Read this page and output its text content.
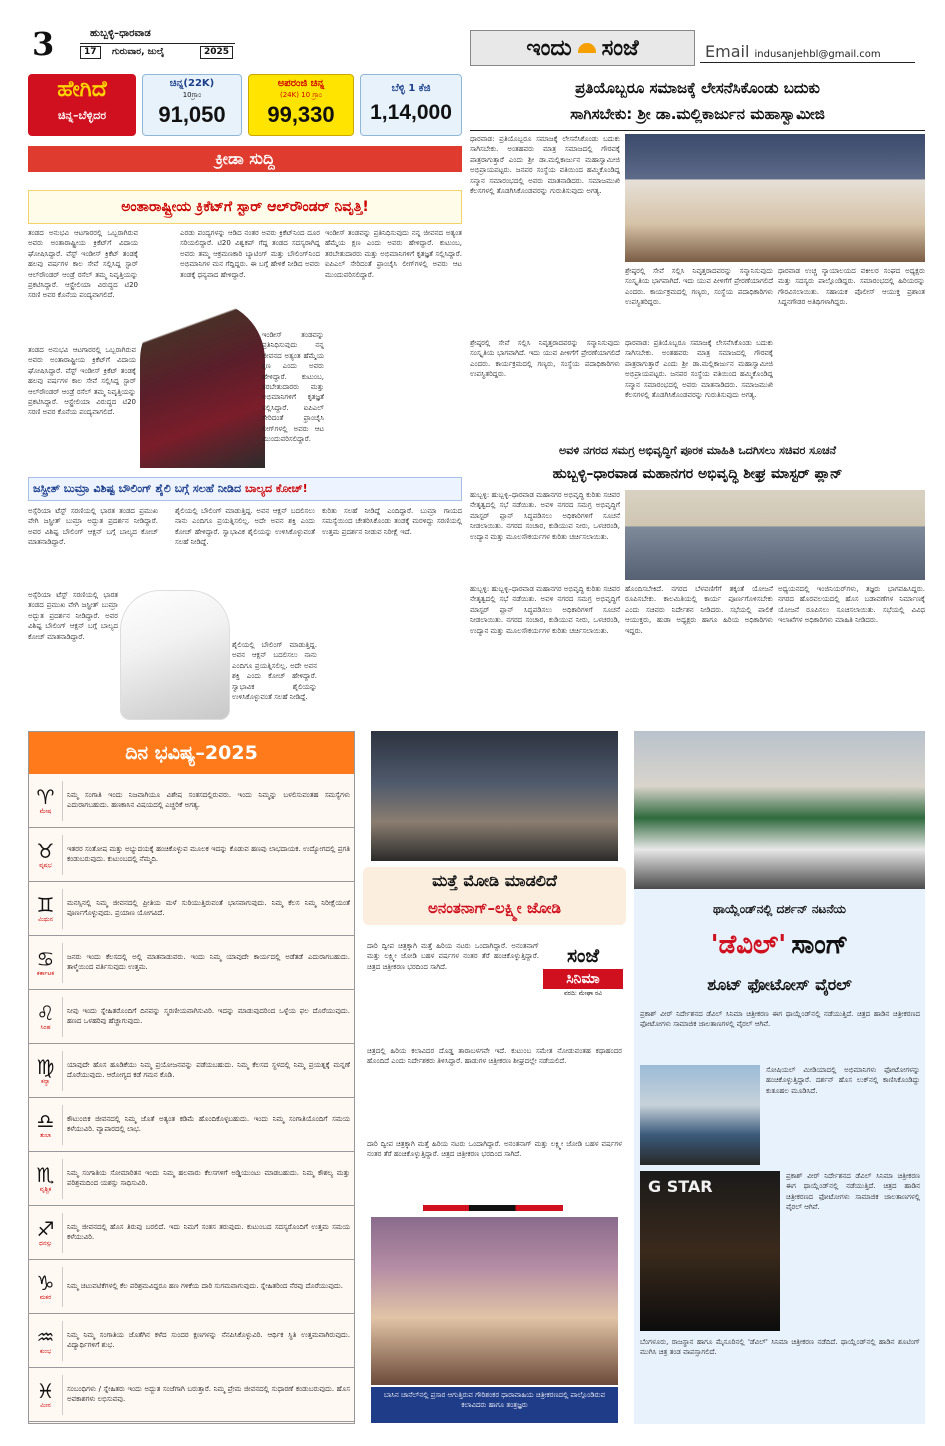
3	ಹುಬ್ಬಳ್ಳಿ–ಧಾರವಾಡ
17	ಗುರುವಾರ, ಜುಲೈ	2025	ಇಂದು ಸಂಜೆ	Email indusanjehbl@gmail.com
ಹೇಗಿದೆ
ಚಿನ್ನ–ಬೆಳ್ಳಿದರ
ಚಿನ್ನ(22K)
10ಗ್ರಾಂ
91,050
ಅಪರಂಜಿ ಚಿನ್ನ
(24K) 10 ಗ್ರಾಂ
99,330
ಬೆಳ್ಳಿ 1 ಕೆಜಿ
1,14,000
ಕ್ರೀಡಾ ಸುದ್ದಿ
ಅಂತಾರಾಷ್ಟ್ರೀಯ ಕ್ರಿಕೆಟ್‌ಗೆ ಸ್ಟಾರ್ ಆಲ್‌ರೌಂಡರ್ ನಿವೃತ್ತಿ!
ತಂಡದ ಅನುಭವಿ ಆಟಗಾರರಲ್ಲಿ ಒಬ್ಬರಾಗಿರುವ ಅವರು ಅಂತಾರಾಷ್ಟ್ರೀಯ ಕ್ರಿಕೆಟ್‌ಗೆ ವಿದಾಯ ಘೋಷಿಸಿದ್ದಾರೆ. ವೆಸ್ಟ್ ಇಂಡೀಸ್ ಕ್ರಿಕೆಟ್ ತಂಡಕ್ಕೆ ಹಲವು ವರ್ಷಗಳ ಕಾಲ ಸೇವೆ ಸಲ್ಲಿಸಿದ್ದ ಸ್ಟಾರ್ ಆಲ್‌ರೌಂಡರ್ ಆಂಡ್ರೆ ರಸೆಲ್ ತಮ್ಮ ನಿವೃತ್ತಿಯನ್ನು ಪ್ರಕಟಿಸಿದ್ದಾರೆ. ಆಸ್ಟ್ರೇಲಿಯಾ ವಿರುದ್ಧದ ಟಿ20 ಸರಣಿ ಅವರ ಕೊನೆಯ ಪಂದ್ಯವಾಗಲಿದೆ.
ಎರಡು ಪಂದ್ಯಗಳನ್ನು ಆಡಿದ ನಂತರ ಅವರು ಕ್ರಿಕೆಟ್‌ನಿಂದ ದೂರ ಸರಿಯಲಿದ್ದಾರೆ. ಟಿ20 ವಿಶ್ವಕಪ್ ಗೆದ್ದ ತಂಡದ ಸದಸ್ಯರಾಗಿದ್ದ ಅವರು ತಮ್ಮ ಆಕ್ರಮಣಕಾರಿ ಬ್ಯಾಟಿಂಗ್ ಮತ್ತು ಬೌಲಿಂಗ್‌ನಿಂದ ಅಭಿಮಾನಿಗಳ ಮನ ಗೆದ್ದಿದ್ದರು. ಈ ಬಗ್ಗೆ ಹೇಳಿಕೆ ನೀಡಿದ ಅವರು ತಂಡಕ್ಕೆ ಧನ್ಯವಾದ ಹೇಳಿದ್ದಾರೆ.
ಇಂಡೀಸ್ ತಂಡವನ್ನು ಪ್ರತಿನಿಧಿಸುವುದು ನನ್ನ ಜೀವನದ ಅತ್ಯಂತ ಹೆಮ್ಮೆಯ ಕ್ಷಣ ಎಂದು ಅವರು ಹೇಳಿದ್ದಾರೆ. ಕುಟುಂಬ, ತರಬೇತುದಾರರು ಮತ್ತು ಅಭಿಮಾನಿಗಳಿಗೆ ಕೃತಜ್ಞತೆ ಸಲ್ಲಿಸಿದ್ದಾರೆ. ಐಪಿಎಲ್ ಸೇರಿದಂತೆ ಫ್ರಾಂಚೈಸಿ ಲೀಗ್‌ಗಳಲ್ಲಿ ಅವರು ಆಟ ಮುಂದುವರಿಸಲಿದ್ದಾರೆ.
ತಂಡದ ಅನುಭವಿ ಆಟಗಾರರಲ್ಲಿ ಒಬ್ಬರಾಗಿರುವ ಅವರು ಅಂತಾರಾಷ್ಟ್ರೀಯ ಕ್ರಿಕೆಟ್‌ಗೆ ವಿದಾಯ ಘೋಷಿಸಿದ್ದಾರೆ. ವೆಸ್ಟ್ ಇಂಡೀಸ್ ಕ್ರಿಕೆಟ್ ತಂಡಕ್ಕೆ ಹಲವು ವರ್ಷಗಳ ಕಾಲ ಸೇವೆ ಸಲ್ಲಿಸಿದ್ದ ಸ್ಟಾರ್ ಆಲ್‌ರೌಂಡರ್ ಆಂಡ್ರೆ ರಸೆಲ್ ತಮ್ಮ ನಿವೃತ್ತಿಯನ್ನು ಪ್ರಕಟಿಸಿದ್ದಾರೆ. ಆಸ್ಟ್ರೇಲಿಯಾ ವಿರುದ್ಧದ ಟಿ20 ಸರಣಿ ಅವರ ಕೊನೆಯ ಪಂದ್ಯವಾಗಲಿದೆ.
ಇಂಡೀಸ್ ತಂಡವನ್ನು ಪ್ರತಿನಿಧಿಸುವುದು ನನ್ನ ಜೀವನದ ಅತ್ಯಂತ ಹೆಮ್ಮೆಯ ಕ್ಷಣ ಎಂದು ಅವರು ಹೇಳಿದ್ದಾರೆ. ಕುಟುಂಬ, ತರಬೇತುದಾರರು ಮತ್ತು ಅಭಿಮಾನಿಗಳಿಗೆ ಕೃತಜ್ಞತೆ ಸಲ್ಲಿಸಿದ್ದಾರೆ. ಐಪಿಎಲ್ ಸೇರಿದಂತೆ ಫ್ರಾಂಚೈಸಿ ಲೀಗ್‌ಗಳಲ್ಲಿ ಅವರು ಆಟ ಮುಂದುವರಿಸಲಿದ್ದಾರೆ.
ಜಸ್ಪ್ರೀತ್ ಬುಮ್ರಾ ವಿಶಿಷ್ಟ ಬೌಲಿಂಗ್ ಶೈಲಿ ಬಗ್ಗೆ ಸಲಹೆ ನೀಡಿದ ಬಾಲ್ಯದ ಕೋಚ್!
ಅಸ್ಸೆರಿಯಾ ಟೆಸ್ಟ್ ಸರಣಿಯಲ್ಲಿ ಭಾರತ ತಂಡದ ಪ್ರಮುಖ ವೇಗಿ ಜಸ್ಪ್ರೀತ್ ಬುಮ್ರಾ ಅದ್ಭುತ ಪ್ರದರ್ಶನ ನೀಡಿದ್ದಾರೆ. ಅವರ ವಿಶಿಷ್ಟ ಬೌಲಿಂಗ್ ಆಕ್ಷನ್ ಬಗ್ಗೆ ಬಾಲ್ಯದ ಕೋಚ್ ಮಾತನಾಡಿದ್ದಾರೆ.
ಶೈಲಿಯಲ್ಲಿ ಬೌಲಿಂಗ್ ಮಾಡುತ್ತಿದ್ದ. ಅವನ ಆಕ್ಷನ್ ಬದಲಿಸಲು ನಾನು ಎಂದಿಗೂ ಪ್ರಯತ್ನಿಸಲಿಲ್ಲ. ಅದೇ ಅವನ ಶಕ್ತಿ ಎಂದು ಕೋಚ್ ಹೇಳಿದ್ದಾರೆ. ಸ್ವಾಭಾವಿಕ ಶೈಲಿಯನ್ನು ಉಳಿಸಿಕೊಳ್ಳುವಂತೆ ಸಲಹೆ ನೀಡಿದ್ದೆ.
ಕುರಿತು ಸಲಹೆ ನೀಡಿದ್ದೆ ಎಂದಿದ್ದಾರೆ. ಬುಮ್ರಾ ಗಾಯದ ಸಮಸ್ಯೆಯಿಂದ ಚೇತರಿಸಿಕೊಂಡು ತಂಡಕ್ಕೆ ಮರಳಿದ್ದು ಸರಣಿಯಲ್ಲಿ ಉತ್ತಮ ಪ್ರದರ್ಶನ ನೀಡುವ ನಿರೀಕ್ಷೆ ಇದೆ.
ಅಸ್ಸೆರಿಯಾ ಟೆಸ್ಟ್ ಸರಣಿಯಲ್ಲಿ ಭಾರತ ತಂಡದ ಪ್ರಮುಖ ವೇಗಿ ಜಸ್ಪ್ರೀತ್ ಬುಮ್ರಾ ಅದ್ಭುತ ಪ್ರದರ್ಶನ ನೀಡಿದ್ದಾರೆ. ಅವರ ವಿಶಿಷ್ಟ ಬೌಲಿಂಗ್ ಆಕ್ಷನ್ ಬಗ್ಗೆ ಬಾಲ್ಯದ ಕೋಚ್ ಮಾತನಾಡಿದ್ದಾರೆ.
ಶೈಲಿಯಲ್ಲಿ ಬೌಲಿಂಗ್ ಮಾಡುತ್ತಿದ್ದ. ಅವನ ಆಕ್ಷನ್ ಬದಲಿಸಲು ನಾನು ಎಂದಿಗೂ ಪ್ರಯತ್ನಿಸಲಿಲ್ಲ. ಅದೇ ಅವನ ಶಕ್ತಿ ಎಂದು ಕೋಚ್ ಹೇಳಿದ್ದಾರೆ. ಸ್ವಾಭಾವಿಕ ಶೈಲಿಯನ್ನು ಉಳಿಸಿಕೊಳ್ಳುವಂತೆ ಸಲಹೆ ನೀಡಿದ್ದೆ.
ಪ್ರತಿಯೊಬ್ಬರೂ ಸಮಾಜಕ್ಕೆ ಲೇಸನೆಸಿಕೊಂಡು ಬದುಕು
ಸಾಗಿಸಬೇಕು: ಶ್ರೀ ಡಾ.ಮಲ್ಲಿಕಾರ್ಜುನ ಮಹಾಸ್ವಾಮೀಜಿ
ಧಾರವಾಡ: ಪ್ರತಿಯೊಬ್ಬರೂ ಸಮಾಜಕ್ಕೆ ಲೇಸನೆಸಿಕೊಂಡು ಬದುಕು ಸಾಗಿಸಬೇಕು. ಅಂತಹವರು ಮಾತ್ರ ಸಮಾಜದಲ್ಲಿ ಗೌರವಕ್ಕೆ ಪಾತ್ರರಾಗುತ್ತಾರೆ ಎಂದು ಶ್ರೀ ಡಾ.ಮಲ್ಲಿಕಾರ್ಜುನ ಮಹಾಸ್ವಾಮೀಜಿ ಅಭಿಪ್ರಾಯಪಟ್ಟರು. ಜನಪರ ಸಂಸ್ಥೆಯ ವತಿಯಿಂದ ಹಮ್ಮಿಕೊಂಡಿದ್ದ ಸನ್ಮಾನ ಸಮಾರಂಭದಲ್ಲಿ ಅವರು ಮಾತನಾಡಿದರು. ಸಮಾಜಮುಖಿ ಕೆಲಸಗಳಲ್ಲಿ ತೊಡಗಿಸಿಕೊಂಡವರನ್ನು ಗುರುತಿಸುವುದು ಅಗತ್ಯ.
ಶ್ರೇಷ್ಠರಲ್ಲಿ ಸೇವೆ ಸಲ್ಲಿಸಿ ನಿವೃತ್ತರಾದವರನ್ನು ಸನ್ಮಾನಿಸುವುದು ಸಂಸ್ಕೃತಿಯ ಭಾಗವಾಗಿದೆ. ಇದು ಯುವ ಪೀಳಿಗೆಗೆ ಪ್ರೇರಣೆಯಾಗಲಿದೆ ಎಂದರು. ಕಾರ್ಯಕ್ರಮದಲ್ಲಿ ಗಣ್ಯರು, ಸಂಸ್ಥೆಯ ಪದಾಧಿಕಾರಿಗಳು ಉಪಸ್ಥಿತರಿದ್ದರು.
ಧಾರವಾಡ ಉಚ್ಚ ನ್ಯಾಯಾಲಯದ ವಕೀಲರ ಸಂಘದ ಅಧ್ಯಕ್ಷರು ಮತ್ತು ಸದಸ್ಯರು ಪಾಲ್ಗೊಂಡಿದ್ದರು. ಸಮಾರಂಭದಲ್ಲಿ ಹಿರಿಯರನ್ನು ಗೌರವಿಸಲಾಯಿತು. ಸಹಾಯಕ ಪೊಲೀಸ್ ಆಯುಕ್ತ ಪ್ರಶಾಂತ ಸಿದ್ದನಗೌಡರ ಅತಿಥಿಗಳಾಗಿದ್ದರು.
ಶ್ರೇಷ್ಠರಲ್ಲಿ ಸೇವೆ ಸಲ್ಲಿಸಿ ನಿವೃತ್ತರಾದವರನ್ನು ಸನ್ಮಾನಿಸುವುದು ಸಂಸ್ಕೃತಿಯ ಭಾಗವಾಗಿದೆ. ಇದು ಯುವ ಪೀಳಿಗೆಗೆ ಪ್ರೇರಣೆಯಾಗಲಿದೆ ಎಂದರು. ಕಾರ್ಯಕ್ರಮದಲ್ಲಿ ಗಣ್ಯರು, ಸಂಸ್ಥೆಯ ಪದಾಧಿಕಾರಿಗಳು ಉಪಸ್ಥಿತರಿದ್ದರು.
ಧಾರವಾಡ: ಪ್ರತಿಯೊಬ್ಬರೂ ಸಮಾಜಕ್ಕೆ ಲೇಸನೆಸಿಕೊಂಡು ಬದುಕು ಸಾಗಿಸಬೇಕು. ಅಂತಹವರು ಮಾತ್ರ ಸಮಾಜದಲ್ಲಿ ಗೌರವಕ್ಕೆ ಪಾತ್ರರಾಗುತ್ತಾರೆ ಎಂದು ಶ್ರೀ ಡಾ.ಮಲ್ಲಿಕಾರ್ಜುನ ಮಹಾಸ್ವಾಮೀಜಿ ಅಭಿಪ್ರಾಯಪಟ್ಟರು. ಜನಪರ ಸಂಸ್ಥೆಯ ವತಿಯಿಂದ ಹಮ್ಮಿಕೊಂಡಿದ್ದ ಸನ್ಮಾನ ಸಮಾರಂಭದಲ್ಲಿ ಅವರು ಮಾತನಾಡಿದರು. ಸಮಾಜಮುಖಿ ಕೆಲಸಗಳಲ್ಲಿ ತೊಡಗಿಸಿಕೊಂಡವರನ್ನು ಗುರುತಿಸುವುದು ಅಗತ್ಯ.
ಅವಳಿ ನಗರದ ಸಮಗ್ರ ಅಭಿವೃದ್ಧಿಗೆ ಪೂರಕ ಮಾಹಿತಿ ಒದಗಿಸಲು ಸಚಿವರ ಸೂಚನೆ
ಹುಬ್ಬಳ್ಳಿ–ಧಾರವಾಡ ಮಹಾನಗರ ಅಭಿವೃದ್ಧಿ ಶೀಘ್ರ ಮಾಸ್ಟರ್ ಪ್ಲಾನ್
ಹುಬ್ಬಳ್ಳಿ: ಹುಬ್ಬಳ್ಳಿ–ಧಾರವಾಡ ಮಹಾನಗರ ಅಭಿವೃದ್ಧಿ ಕುರಿತು ಸಚಿವರ ನೇತೃತ್ವದಲ್ಲಿ ಸಭೆ ನಡೆಯಿತು. ಅವಳಿ ನಗರದ ಸಮಗ್ರ ಅಭಿವೃದ್ಧಿಗೆ ಮಾಸ್ಟರ್ ಪ್ಲಾನ್ ಸಿದ್ಧಪಡಿಸಲು ಅಧಿಕಾರಿಗಳಿಗೆ ಸೂಚನೆ ನೀಡಲಾಯಿತು. ನಗರದ ಸಂಚಾರ, ಕುಡಿಯುವ ನೀರು, ಒಳಚರಂಡಿ, ಉದ್ಯಾನ ಮತ್ತು ಮೂಲಸೌಕರ್ಯಗಳ ಕುರಿತು ಚರ್ಚಿಸಲಾಯಿತು.
ಹುಬ್ಬಳ್ಳಿ: ಹುಬ್ಬಳ್ಳಿ–ಧಾರವಾಡ ಮಹಾನಗರ ಅಭಿವೃದ್ಧಿ ಕುರಿತು ಸಚಿವರ ನೇತೃತ್ವದಲ್ಲಿ ಸಭೆ ನಡೆಯಿತು. ಅವಳಿ ನಗರದ ಸಮಗ್ರ ಅಭಿವೃದ್ಧಿಗೆ ಮಾಸ್ಟರ್ ಪ್ಲಾನ್ ಸಿದ್ಧಪಡಿಸಲು ಅಧಿಕಾರಿಗಳಿಗೆ ಸೂಚನೆ ನೀಡಲಾಯಿತು. ನಗರದ ಸಂಚಾರ, ಕುಡಿಯುವ ನೀರು, ಒಳಚರಂಡಿ, ಉದ್ಯಾನ ಮತ್ತು ಮೂಲಸೌಕರ್ಯಗಳ ಕುರಿತು ಚರ್ಚಿಸಲಾಯಿತು.
ಹೊಂದಿಸಬೇಕಿದೆ. ನಗರದ ಬೆಳವಣಿಗೆಗೆ ತಕ್ಕಂತೆ ಯೋಜನೆ ರೂಪಿಸಬೇಕು. ಕಾಲಮಿತಿಯಲ್ಲಿ ಕಾರ್ಯ ಪೂರ್ಣಗೊಳಿಸಬೇಕು ಎಂದು ಸಚಿವರು ನಿರ್ದೇಶನ ನೀಡಿದರು. ಸಭೆಯಲ್ಲಿ ಪಾಲಿಕೆ ಆಯುಕ್ತರು, ಹುಡಾ ಅಧ್ಯಕ್ಷರು ಹಾಗೂ ಹಿರಿಯ ಅಧಿಕಾರಿಗಳು ಇದ್ದರು.
ಅಧ್ಯಯನದಲ್ಲಿ ಇಂಜಿನಿಯರ್‌ಗಳು, ತಜ್ಞರು ಭಾಗವಹಿಸಿದ್ದರು. ನಗರದ ಹೊರವಲಯದಲ್ಲಿ ಹೊಸ ಬಡಾವಣೆಗಳ ನಿರ್ಮಾಣಕ್ಕೆ ಯೋಜನೆ ರೂಪಿಸಲು ಸೂಚಿಸಲಾಯಿತು. ಸಭೆಯಲ್ಲಿ ವಿವಿಧ ಇಲಾಖೆಗಳ ಅಧಿಕಾರಿಗಳು ಮಾಹಿತಿ ನೀಡಿದರು.
ದಿನ ಭವಿಷ್ಯ–2025
♈
ಮೇಷ
ನಿಮ್ಮ ಸಂಗಾತಿ ಇಂದು ನಿಜವಾಗಿಯೂ ವಿಶೇಷ ಸಂತಸದಲ್ಲಿರುವರು. ಇಂದು ನಿಮ್ಮನ್ನು ಬಳಲಿಸುವಂತಹ ಸಮಸ್ಯೆಗಳು ಎದುರಾಗಬಹುದು. ಹಣಕಾಸಿನ ವಿಷಯದಲ್ಲಿ ಎಚ್ಚರಿಕೆ ಅಗತ್ಯ.
♉
ವೃಷಭ
ಇತರರ ಸಂತೋಷ ಮತ್ತು ಅಭ್ಯುದಯಕ್ಕೆ ಹಂಚಿಕೊಳ್ಳುವ ಮೂಲಕ ಇದನ್ನು ಕೊಡುವ ಹಣವು ಲಾಭದಾಯಕ. ಉದ್ಯೋಗದಲ್ಲಿ ಪ್ರಗತಿ ಕಂಡುಬರುವುದು. ಕುಟುಂಬದಲ್ಲಿ ನೆಮ್ಮದಿ.
♊
ಮಿಥುನ
ಮನಸ್ಸಿನಲ್ಲಿ ನಿಮ್ಮ ಜೀವನದಲ್ಲಿ ಪ್ರೀತಿಯ ಮಳೆ ಸುರಿಯುತ್ತಿರುವಂತೆ ಭಾಸವಾಗುವುದು. ನಿಮ್ಮ ಕೆಲಸ ನಿಮ್ಮ ನಿರೀಕ್ಷೆಯಂತೆ ಪೂರ್ಣಗೊಳ್ಳುವುದು. ಪ್ರಯಾಣ ಯೋಗವಿದೆ.
♋
ಕರ್ಕಾಟಕ
ಜನರು ಇಂದು ಕೆಲಸದಲ್ಲಿ ಅಲ್ಲಿ ಮಾತನಾಡುವರು. ಇಂದು ನಿಮ್ಮ ಯಾವುದೇ ಕಾರ್ಯದಲ್ಲಿ ಅಡೆತಡೆ ಎದುರಾಗಬಹುದು. ತಾಳ್ಮೆಯಿಂದ ವರ್ತಿಸುವುದು ಉತ್ತಮ.
♌
ಸಿಂಹ
ನೀವು ಇಂದು ಸ್ನೇಹಿತರೊಂದಿಗೆ ದಿನವನ್ನು ಸ್ಮರಣೀಯವಾಗಿಸುವಿರಿ. ಇದನ್ನು ಮಾಡುವುದರಿಂದ ಒಳ್ಳೆಯ ಫಲ ದೊರೆಯುವುದು. ಹಣದ ಒಳಹರಿವು ಹೆಚ್ಚಾಗುವುದು.
♍
ಕನ್ಯಾ
ಯಾವುದೇ ಹೊಸ ಹೂಡಿಕೆಯು ನಿಮ್ಮ ಪ್ರಯೋಜನವನ್ನು ಪಡೆಯಬಹುದು. ನಿಮ್ಮ ಕೆಲಸದ ಸ್ಥಳದಲ್ಲಿ ನಿಮ್ಮ ಪ್ರಯತ್ನಕ್ಕೆ ಮನ್ನಣೆ ದೊರೆಯುವುದು. ಆರೋಗ್ಯದ ಕಡೆ ಗಮನ ಕೊಡಿ.
♎
ತುಲಾ
ಕೌಟುಂಬಿಕ ಜೀವನದಲ್ಲಿ ನಿಮ್ಮ ಜೊತೆ ಅತ್ಯಂತ ಕಡಿಮೆ ಹೊಂದಿಕೊಳ್ಳಬಹುದು. ಇಂದು ನಿಮ್ಮ ಸಂಗಾತಿಯೊಂದಿಗೆ ಸಮಯ ಕಳೆಯುವಿರಿ. ವ್ಯಾಪಾರದಲ್ಲಿ ಲಾಭ.
♏
ವೃಶ್ಚಿಕ
ನಿಮ್ಮ ಸಂಗಾತಿಯ ಸೋಮಾರಿತನ ಇಂದು ನಿಮ್ಮ ಹಲವಾರು ಕೆಲಸಗಳಿಗೆ ಅಡ್ಡಿಯುಂಟು ಮಾಡಬಹುದು. ನಿಮ್ಮ ಕೌಶಲ್ಯ ಮತ್ತು ಪರಿಶ್ರಮದಿಂದ ಯಶಸ್ಸು ಸಾಧಿಸುವಿರಿ.
♐
ಧನಸ್ಸು
ನಿಮ್ಮ ಜೀವನದಲ್ಲಿ ಹೊಸ ತಿರುವು ಬರಲಿದೆ. ಇದು ನಿಮಗೆ ಸಂತಸ ತರುವುದು. ಕುಟುಂಬದ ಸದಸ್ಯರೊಂದಿಗೆ ಉತ್ತಮ ಸಮಯ ಕಳೆಯುವಿರಿ.
♑
ಮಕರ
ನಿಮ್ಮ ಚಟುವಟಿಕೆಗಳಲ್ಲಿ ಕೆಲ ಪರಿಶ್ರಮವಿದ್ದರೂ ಹಣ ಗಳಿಕೆಯ ದಾರಿ ಸುಗಮವಾಗುವುದು. ಸ್ನೇಹಿತರಿಂದ ನೆರವು ದೊರೆಯುವುದು.
♒
ಕುಂಭ
ನಿಮ್ಮ ನಿಮ್ಮ ಸಂಗಾತಿಯ ಜೊತೆಗಿನ ಕಳೆದ ಸುಂದರ ಕ್ಷಣಗಳನ್ನು ನೆನಪಿಸಿಕೊಳ್ಳುವಿರಿ. ಆರ್ಥಿಕ ಸ್ಥಿತಿ ಉತ್ತಮವಾಗಿರುವುದು. ವಿದ್ಯಾರ್ಥಿಗಳಿಗೆ ಶುಭ.
♓
ಮೀನ
ಸಂಬಂಧಿಗಳು / ಸ್ನೇಹಿತರು ಇಂದು ಅದ್ಭುತ ಸಂಜೆಗಾಗಿ ಬರುತ್ತಾರೆ. ನಿಮ್ಮ ಪ್ರೇಮ ಜೀವನದಲ್ಲಿ ಸುಧಾರಣೆ ಕಂಡುಬರುವುದು. ಹೊಸ ಅವಕಾಶಗಳು ಲಭಿಸುವವು.
ಮತ್ತೆ ಮೋಡಿ ಮಾಡಲಿದೆ
ಅನಂತನಾಗ್–ಲಕ್ಷ್ಮೀ ಜೋಡಿ
ಸಂಜೆ
ಸಿನಿಮಾ
ವರದಿ: ಮೇಘಾ ರವಿ
ದಾರಿ ದ್ವೀಪ ಚಿತ್ರಕ್ಕಾಗಿ ಮತ್ತೆ ಹಿರಿಯ ನಟರು ಒಂದಾಗಿದ್ದಾರೆ. ಅನಂತನಾಗ್ ಮತ್ತು ಲಕ್ಷ್ಮೀ ಜೋಡಿ ಬಹಳ ವರ್ಷಗಳ ನಂತರ ತೆರೆ ಹಂಚಿಕೊಳ್ಳುತ್ತಿದ್ದಾರೆ. ಚಿತ್ರದ ಚಿತ್ರೀಕರಣ ಭರದಿಂದ ಸಾಗಿದೆ.
ಚಿತ್ರದಲ್ಲಿ ಹಿರಿಯ ಕಲಾವಿದರ ದೊಡ್ಡ ತಾರಾಬಳಗವೇ ಇದೆ. ಕುಟುಂಬ ಸಮೇತ ನೋಡುವಂತಹ ಕಥಾಹಂದರ ಹೊಂದಿದೆ ಎಂದು ನಿರ್ದೇಶಕರು ತಿಳಿಸಿದ್ದಾರೆ. ಹಾಡುಗಳ ಚಿತ್ರೀಕರಣ ಶೀಘ್ರದಲ್ಲೇ ನಡೆಯಲಿದೆ.
ದಾರಿ ದ್ವೀಪ ಚಿತ್ರಕ್ಕಾಗಿ ಮತ್ತೆ ಹಿರಿಯ ನಟರು ಒಂದಾಗಿದ್ದಾರೆ. ಅನಂತನಾಗ್ ಮತ್ತು ಲಕ್ಷ್ಮೀ ಜೋಡಿ ಬಹಳ ವರ್ಷಗಳ ನಂತರ ತೆರೆ ಹಂಚಿಕೊಳ್ಳುತ್ತಿದ್ದಾರೆ. ಚಿತ್ರದ ಚಿತ್ರೀಕರಣ ಭರದಿಂದ ಸಾಗಿದೆ.
ಬಾಸಿನ ಚಾನೆಲ್‌ನಲ್ಲಿ ಪ್ರಸಾರ ಆಗುತ್ತಿರುವ ಗೌರಿಶಂಕರ ಧಾರಾವಾಹಿಯ ಚಿತ್ರೀಕರಣದಲ್ಲಿ ಪಾಲ್ಗೊಂಡಿರುವ ಕಲಾವಿದರು ಹಾಗೂ ತಂತ್ರಜ್ಞರು
ಥಾಯ್ಲೆಂಡ್‌ನಲ್ಲಿ ದರ್ಶನ್ ನಟನೆಯ
'ಡೆವಿಲ್' ಸಾಂಗ್
ಶೂಟ್ ಫೋಟೋಸ್ ವೈರಲ್
ಪ್ರಕಾಶ್ ವೀರ್ ನಿರ್ದೇಶನದ ಡೆವಿಲ್ ಸಿನಿಮಾ ಚಿತ್ರೀಕರಣ ಈಗ ಥಾಯ್ಲೆಂಡ್‌ನಲ್ಲಿ ನಡೆಯುತ್ತಿದೆ. ಚಿತ್ರದ ಹಾಡಿನ ಚಿತ್ರೀಕರಣದ ಫೋಟೋಗಳು ಸಾಮಾಜಿಕ ಜಾಲತಾಣಗಳಲ್ಲಿ ವೈರಲ್ ಆಗಿವೆ.
ಸೋಷಿಯಲ್ ಮೀಡಿಯಾದಲ್ಲಿ ಅಭಿಮಾನಿಗಳು ಫೋಟೋಗಳನ್ನು ಹಂಚಿಕೊಳ್ಳುತ್ತಿದ್ದಾರೆ. ದರ್ಶನ್ ಹೊಸ ಲುಕ್‌ನಲ್ಲಿ ಕಾಣಿಸಿಕೊಂಡಿದ್ದು ಕುತೂಹಲ ಮೂಡಿಸಿದೆ.
G STAR
ಪ್ರಕಾಶ್ ವೀರ್ ನಿರ್ದೇಶನದ ಡೆವಿಲ್ ಸಿನಿಮಾ ಚಿತ್ರೀಕರಣ ಈಗ ಥಾಯ್ಲೆಂಡ್‌ನಲ್ಲಿ ನಡೆಯುತ್ತಿದೆ. ಚಿತ್ರದ ಹಾಡಿನ ಚಿತ್ರೀಕರಣದ ಫೋಟೋಗಳು ಸಾಮಾಜಿಕ ಜಾಲತಾಣಗಳಲ್ಲಿ ವೈರಲ್ ಆಗಿವೆ.
ಬೆಂಗಳೂರು, ರಾಜಸ್ಥಾನ ಹಾಗೂ ಮೈಸೂರಿನಲ್ಲಿ 'ಡೆವಿಲ್' ಸಿನಿಮಾ ಚಿತ್ರೀಕರಣ ನಡೆದಿದೆ. ಥಾಯ್ಲೆಂಡ್‌ನಲ್ಲಿ ಹಾಡಿನ ಶೂಟಿಂಗ್ ಮುಗಿಸಿ ಚಿತ್ರ ತಂಡ ವಾಪಸ್ಸಾಗಲಿದೆ.
